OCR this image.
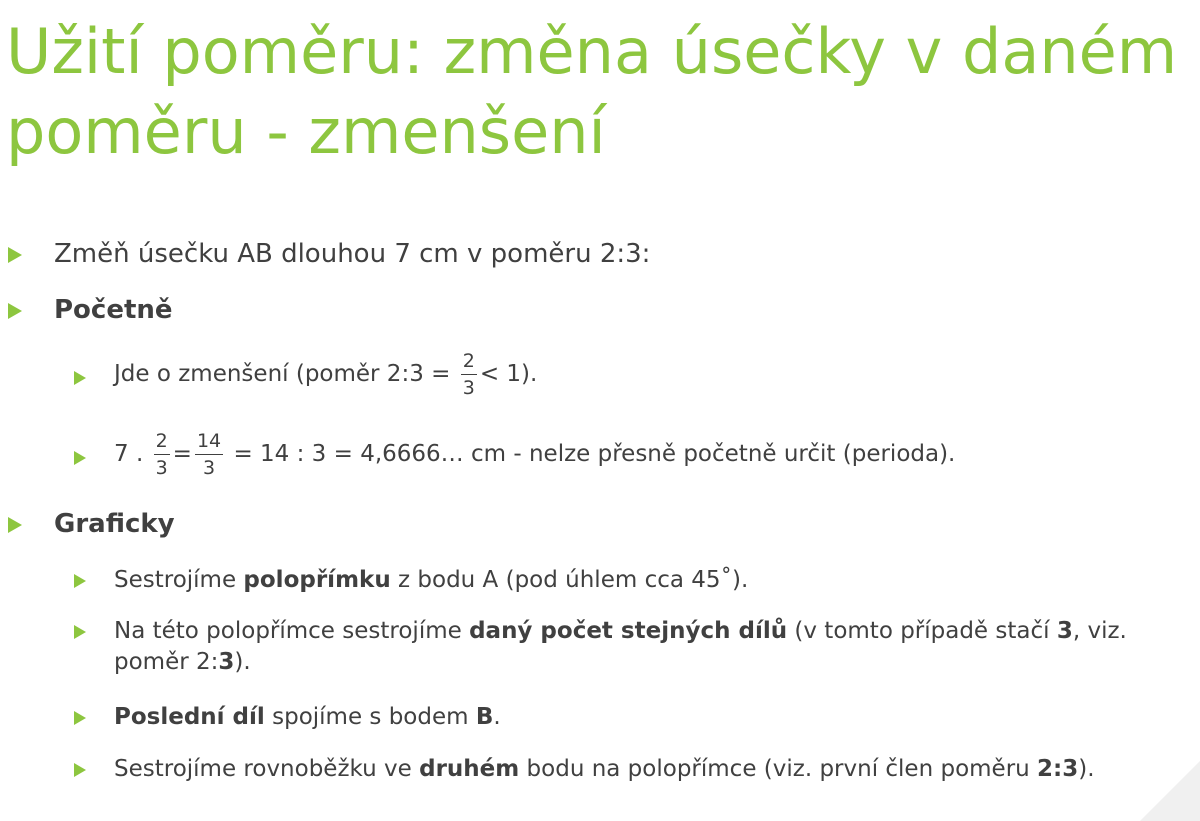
Užití poměru: změna úsečky v daném poměru - zmenšení
Změň úsečku AB dlouhou 7 cm v poměru 2:3:
Početně
Jde o zmenšení (poměr 2:3 = $\frac{2}{3} < 1$).
7 . $\frac{2}{3} = \frac{14}{3} = 14$ : 3 = 4,6666… cm - nelze přesně početně určit (perioda).
Graficky
Sestrojíme polopřímku z bodu A (pod úhlem cca 45˚).
Na této polopřímce sestrojíme daný počet stejných dílů (v tomto případě stačí 3, viz.
poměr 2:3).
Poslední díl spojíme s bodem B.
Sestrojíme rovnoběžku ve druhém bodu na polopřímce (viz. první člen poměru 2:3).
